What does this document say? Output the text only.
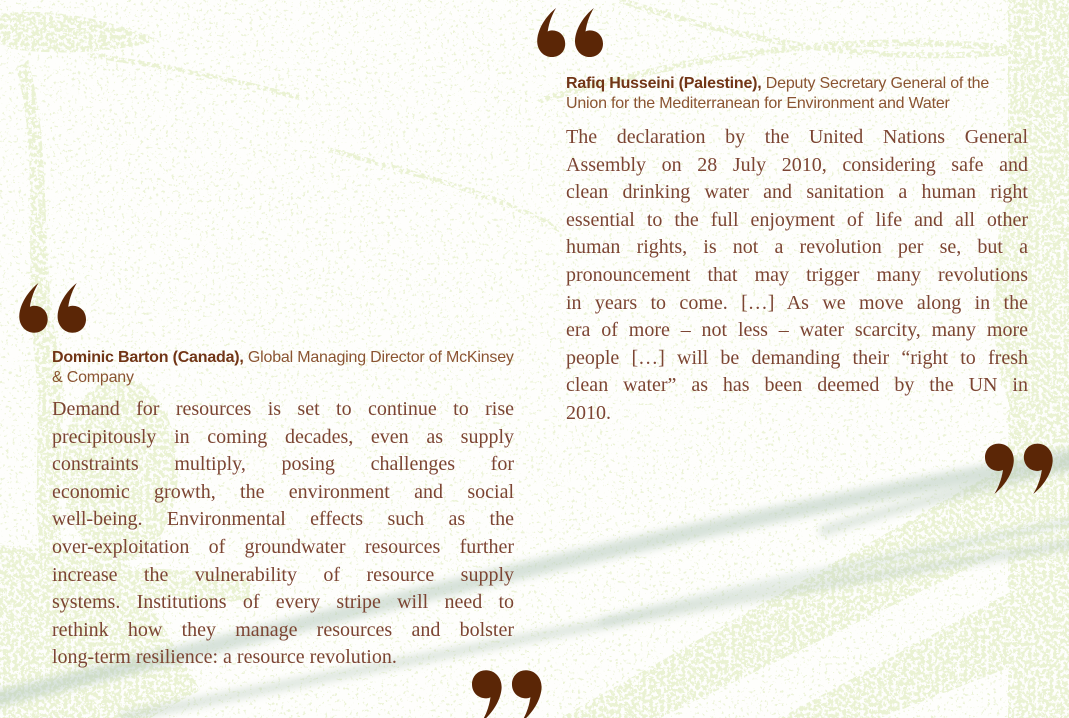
Dominic Barton (Canada), Global Managing Director of McKinsey & Company
Demand for resources is set to continue to rise
precipitously in coming decades, even as supply
constraints multiply, posing challenges for
economic growth, the environment and social
well-being. Environmental effects such as the
over-exploitation of groundwater resources further
increase the vulnerability of resource supply
systems. Institutions of every stripe will need to
rethink how they manage resources and bolster
long-term resilience: a resource revolution.
Rafiq Husseini (Palestine), Deputy Secretary General of the Union for the Mediterranean for Environment and Water
The declaration by the United Nations General
Assembly on 28 July 2010, considering safe and
clean drinking water and sanitation a human right
essential to the full enjoyment of life and all other
human rights, is not a revolution per se, but a
pronouncement that may trigger many revolutions
in years to come. […] As we move along in the
era of more – not less – water scarcity, many more
people […] will be demanding their “right to fresh
clean water” as has been deemed by the UN in
2010.
